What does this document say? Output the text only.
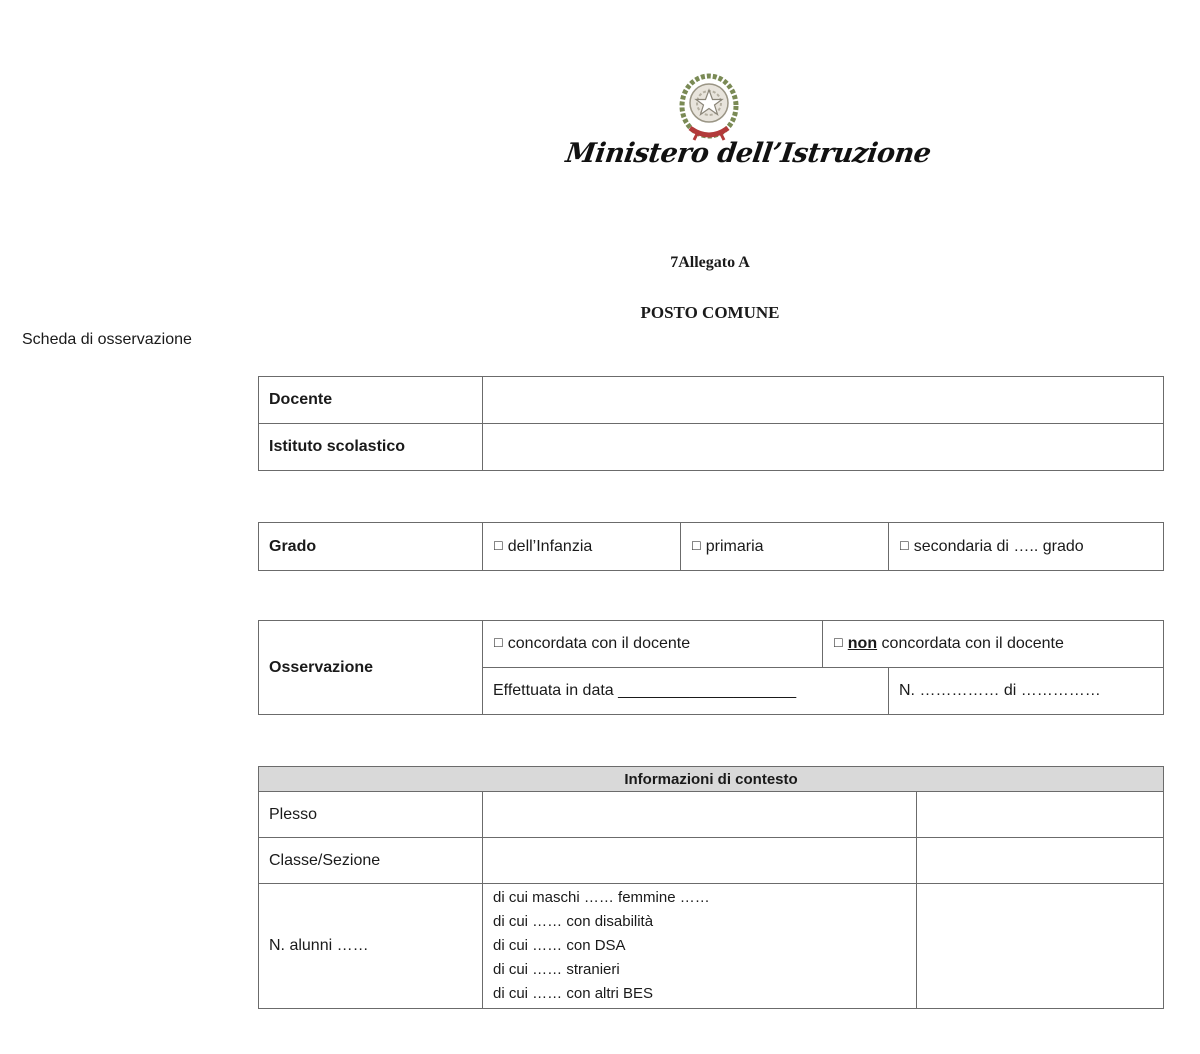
Ministero dell’Istruzione
7Allegato A
POSTO COMUNE
Scheda di osservazione
Docente	
Istituto scolastico	
Grado	☐ dell’Infanzia	☐ primaria	☐ secondaria di ….. grado
Osservazione	☐ concordata con il docente	☐ non concordata con il docente	
	Effettuata in data ____________________		N. …………… di ……………
Informazioni di contesto		
Plesso		
Classe/Sezione		
N. alunni ……	di cui maschi …… femmine ……
di cui …… con disabilità
di cui …… con DSA
di cui …… stranieri
di cui …… con altri BES	
